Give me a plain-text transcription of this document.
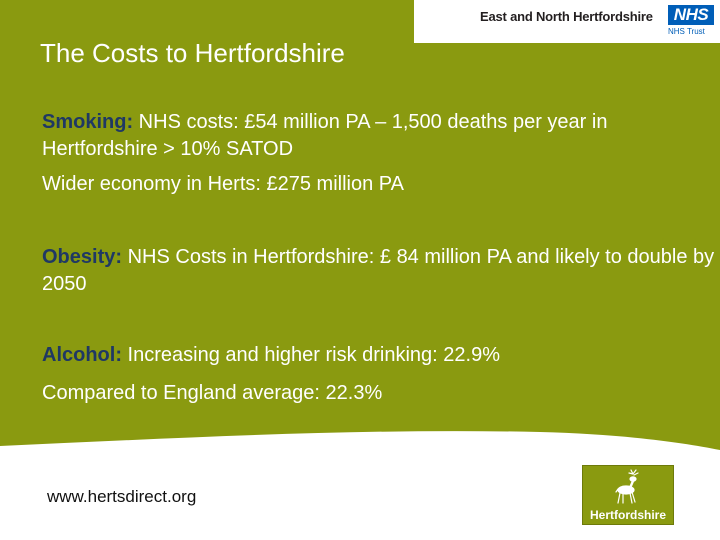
East and North Hertfordshire	NHS
NHS Trust
The Costs to Hertfordshire
Smoking: NHS costs: £54 million PA – 1,500 deaths per year in Hertfordshire > 10% SATOD
Wider economy in Herts: £275 million PA
Obesity: NHS Costs in Hertfordshire: £ 84 million PA and likely to double by 2050
Alcohol: Increasing and higher risk drinking: 22.9%
Compared to England average: 22.3%
www.hertsdirect.org
Hertfordshire
